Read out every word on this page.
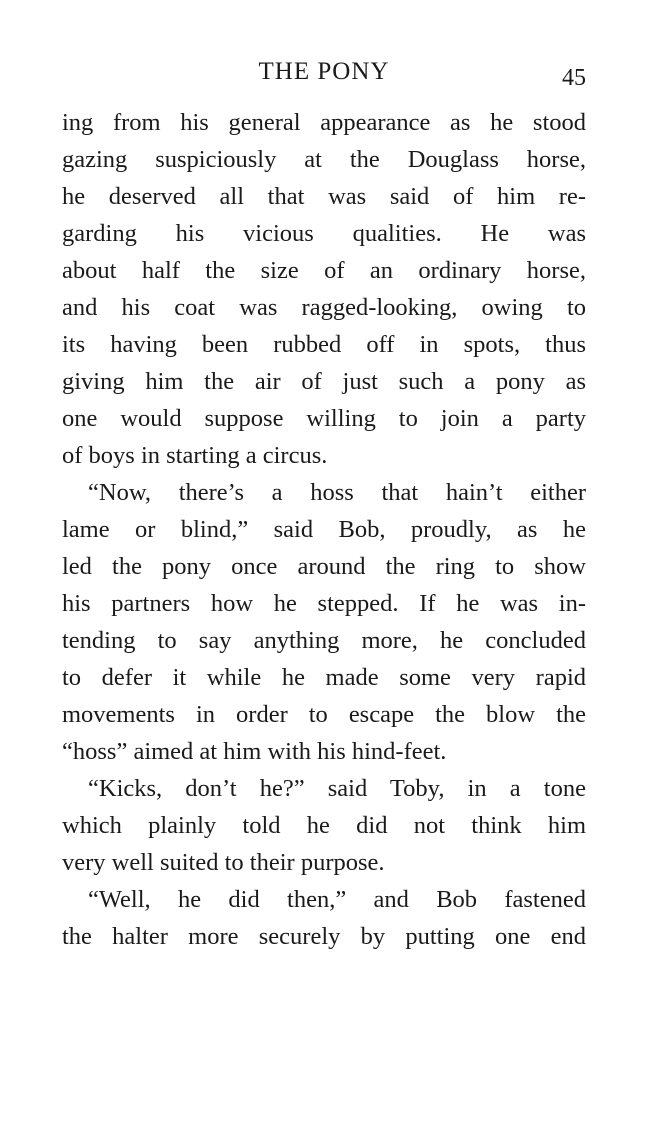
THE PONY	45
ing from his general appearance as he stood
gazing suspiciously at the Douglass horse,
he deserved all that was said of him re-
garding his vicious qualities. He was
about half the size of an ordinary horse,
and his coat was ragged-looking, owing to
its having been rubbed off in spots, thus
giving him the air of just such a pony as
one would suppose willing to join a party
of boys in starting a circus.
“Now, there’s a hoss that hain’t either
lame or blind,” said Bob, proudly, as he
led the pony once around the ring to show
his partners how he stepped. If he was in-
tending to say anything more, he concluded
to defer it while he made some very rapid
movements in order to escape the blow the
“hoss” aimed at him with his hind-feet.
“Kicks, don’t he?” said Toby, in a tone
which plainly told he did not think him
very well suited to their purpose.
“Well, he did then,” and Bob fastened
the halter more securely by putting one end
